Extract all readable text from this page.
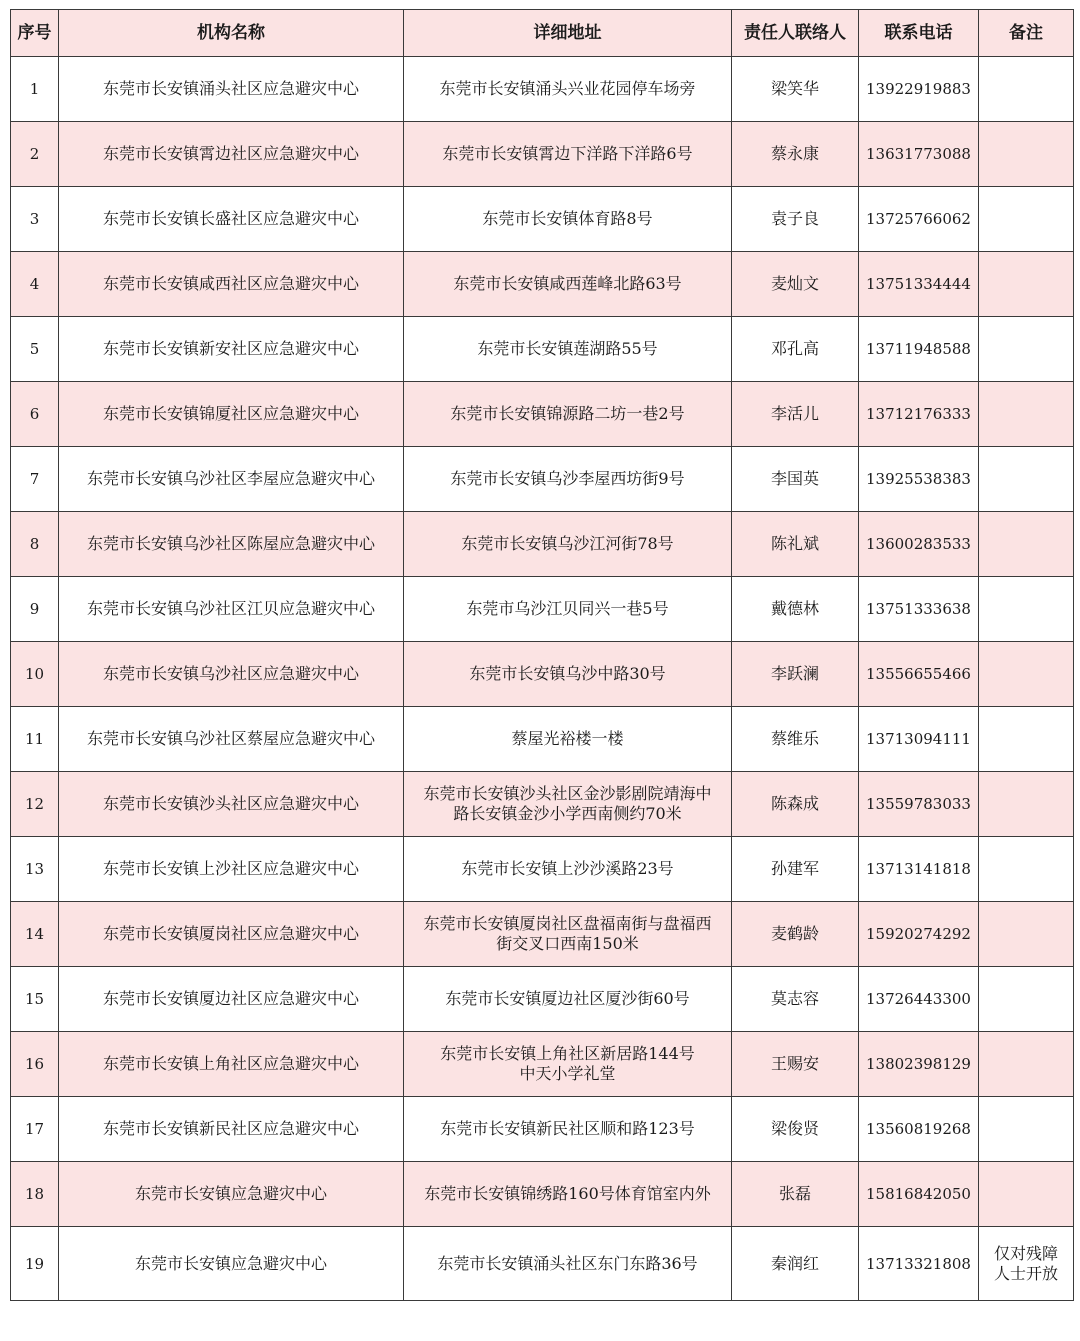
序号	机构名称	详细地址	责任人联络人	联系电话	备注
1	东莞市长安镇涌头社区应急避灾中心	东莞市长安镇涌头兴业花园停车场旁	梁笑华	13922919883	
2	东莞市长安镇霄边社区应急避灾中心	东莞市长安镇霄边下洋路下洋路6号	蔡永康	13631773088	
3	东莞市长安镇长盛社区应急避灾中心	东莞市长安镇体育路8号	袁子良	13725766062	
4	东莞市长安镇咸西社区应急避灾中心	东莞市长安镇咸西莲峰北路63号	麦灿文	13751334444	
5	东莞市长安镇新安社区应急避灾中心	东莞市长安镇莲湖路55号	邓孔高	13711948588	
6	东莞市长安镇锦厦社区应急避灾中心	东莞市长安镇锦源路二坊一巷2号	李活儿	13712176333	
7	东莞市长安镇乌沙社区李屋应急避灾中心	东莞市长安镇乌沙李屋西坊街9号	李国英	13925538383	
8	东莞市长安镇乌沙社区陈屋应急避灾中心	东莞市长安镇乌沙江河街78号	陈礼斌	13600283533	
9	东莞市长安镇乌沙社区江贝应急避灾中心	东莞市乌沙江贝同兴一巷5号	戴德林	13751333638	
10	东莞市长安镇乌沙社区应急避灾中心	东莞市长安镇乌沙中路30号	李跃澜	13556655466	
11	东莞市长安镇乌沙社区蔡屋应急避灾中心	蔡屋光裕楼一楼	蔡维乐	13713094111	
12	东莞市长安镇沙头社区应急避灾中心	东莞市长安镇沙头社区金沙影剧院靖海中
路长安镇金沙小学西南侧约70米	陈森成	13559783033	
13	东莞市长安镇上沙社区应急避灾中心	东莞市长安镇上沙沙溪路23号	孙建军	13713141818	
14	东莞市长安镇厦岗社区应急避灾中心	东莞市长安镇厦岗社区盘福南街与盘福西
街交叉口西南150米	麦鹤龄	15920274292	
15	东莞市长安镇厦边社区应急避灾中心	东莞市长安镇厦边社区厦沙街60号	莫志容	13726443300	
16	东莞市长安镇上角社区应急避灾中心	东莞市长安镇上角社区新居路144号
中天小学礼堂	王赐安	13802398129	
17	东莞市长安镇新民社区应急避灾中心	东莞市长安镇新民社区顺和路123号	梁俊贤	13560819268	
18	东莞市长安镇应急避灾中心	东莞市长安镇锦绣路160号体育馆室内外	张磊	15816842050	
19	东莞市长安镇应急避灾中心	东莞市长安镇涌头社区东门东路36号	秦润红	13713321808	仅对残障
人士开放
